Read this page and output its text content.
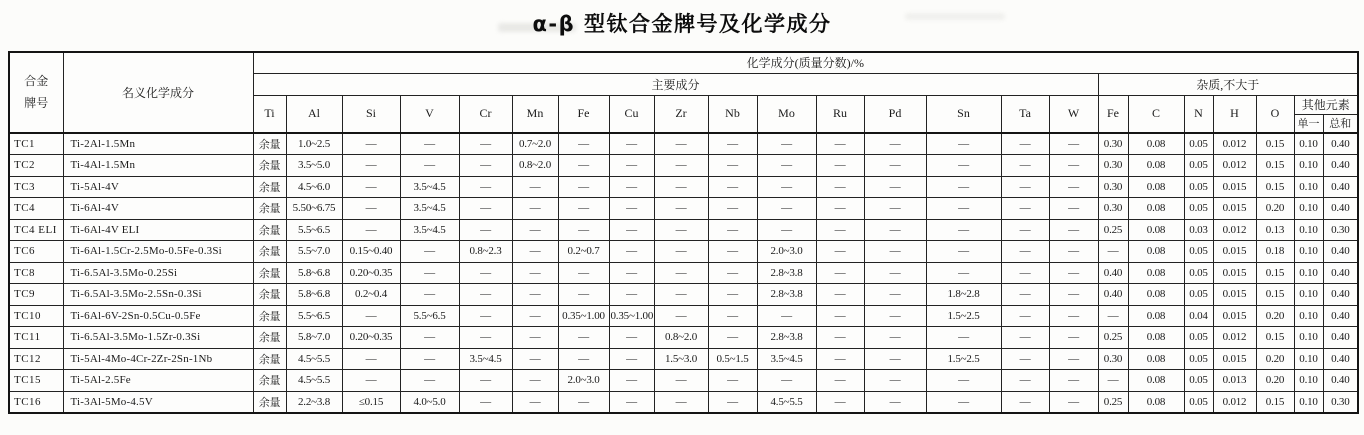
α-β 型钛合金牌号及化学成分
合金牌号	名义化学成分	化学成分(质量分数)/%																						
		主要成分																杂质,不大于						
		Ti	Al	Si	V	Cr	Mn	Fe	Cu	Zr	Nb	Mo	Ru	Pd	Sn	Ta	W	Fe	C	N	H	O	其他元素	
																							单一	总和
TC1	Ti-2Al-1.5Mn	余量	1.0~2.5	—	—	—	0.7~2.0	—	—	—	—	—	—	—	—	—	—	0.30	0.08	0.05	0.012	0.15	0.10	0.40
TC2	Ti-4Al-1.5Mn	余量	3.5~5.0	—	—	—	0.8~2.0	—	—	—	—	—	—	—	—	—	—	0.30	0.08	0.05	0.012	0.15	0.10	0.40
TC3	Ti-5Al-4V	余量	4.5~6.0	—	3.5~4.5	—	—	—	—	—	—	—	—	—	—	—	—	0.30	0.08	0.05	0.015	0.15	0.10	0.40
TC4	Ti-6Al-4V	余量	5.50~6.75	—	3.5~4.5	—	—	—	—	—	—	—	—	—	—	—	—	0.30	0.08	0.05	0.015	0.20	0.10	0.40
TC4 ELI	Ti-6Al-4V ELI	余量	5.5~6.5	—	3.5~4.5	—	—	—	—	—	—	—	—	—	—	—	—	0.25	0.08	0.03	0.012	0.13	0.10	0.30
TC6	Ti-6Al-1.5Cr-2.5Mo-0.5Fe-0.3Si	余量	5.5~7.0	0.15~0.40	—	0.8~2.3	—	0.2~0.7	—	—	—	2.0~3.0	—	—	—	—	—	—	0.08	0.05	0.015	0.18	0.10	0.40
TC8	Ti-6.5Al-3.5Mo-0.25Si	余量	5.8~6.8	0.20~0.35	—	—	—	—	—	—	—	2.8~3.8	—	—	—	—	—	0.40	0.08	0.05	0.015	0.15	0.10	0.40
TC9	Ti-6.5Al-3.5Mo-2.5Sn-0.3Si	余量	5.8~6.8	0.2~0.4	—	—	—	—	—	—	—	2.8~3.8	—	—	1.8~2.8	—	—	0.40	0.08	0.05	0.015	0.15	0.10	0.40
TC10	Ti-6Al-6V-2Sn-0.5Cu-0.5Fe	余量	5.5~6.5	—	5.5~6.5	—	—	0.35~1.00	0.35~1.00	—	—	—	—	—	1.5~2.5	—	—	—	0.08	0.04	0.015	0.20	0.10	0.40
TC11	Ti-6.5Al-3.5Mo-1.5Zr-0.3Si	余量	5.8~7.0	0.20~0.35	—	—	—	—	—	0.8~2.0	—	2.8~3.8	—	—	—	—	—	0.25	0.08	0.05	0.012	0.15	0.10	0.40
TC12	Ti-5Al-4Mo-4Cr-2Zr-2Sn-1Nb	余量	4.5~5.5	—	—	3.5~4.5	—	—	—	1.5~3.0	0.5~1.5	3.5~4.5	—	—	1.5~2.5	—	—	0.30	0.08	0.05	0.015	0.20	0.10	0.40
TC15	Ti-5Al-2.5Fe	余量	4.5~5.5	—	—	—	—	2.0~3.0	—	—	—	—	—	—	—	—	—	—	0.08	0.05	0.013	0.20	0.10	0.40
TC16	Ti-3Al-5Mo-4.5V	余量	2.2~3.8	≤0.15	4.0~5.0	—	—	—	—	—	—	4.5~5.5	—	—	—	—	—	0.25	0.08	0.05	0.012	0.15	0.10	0.30
